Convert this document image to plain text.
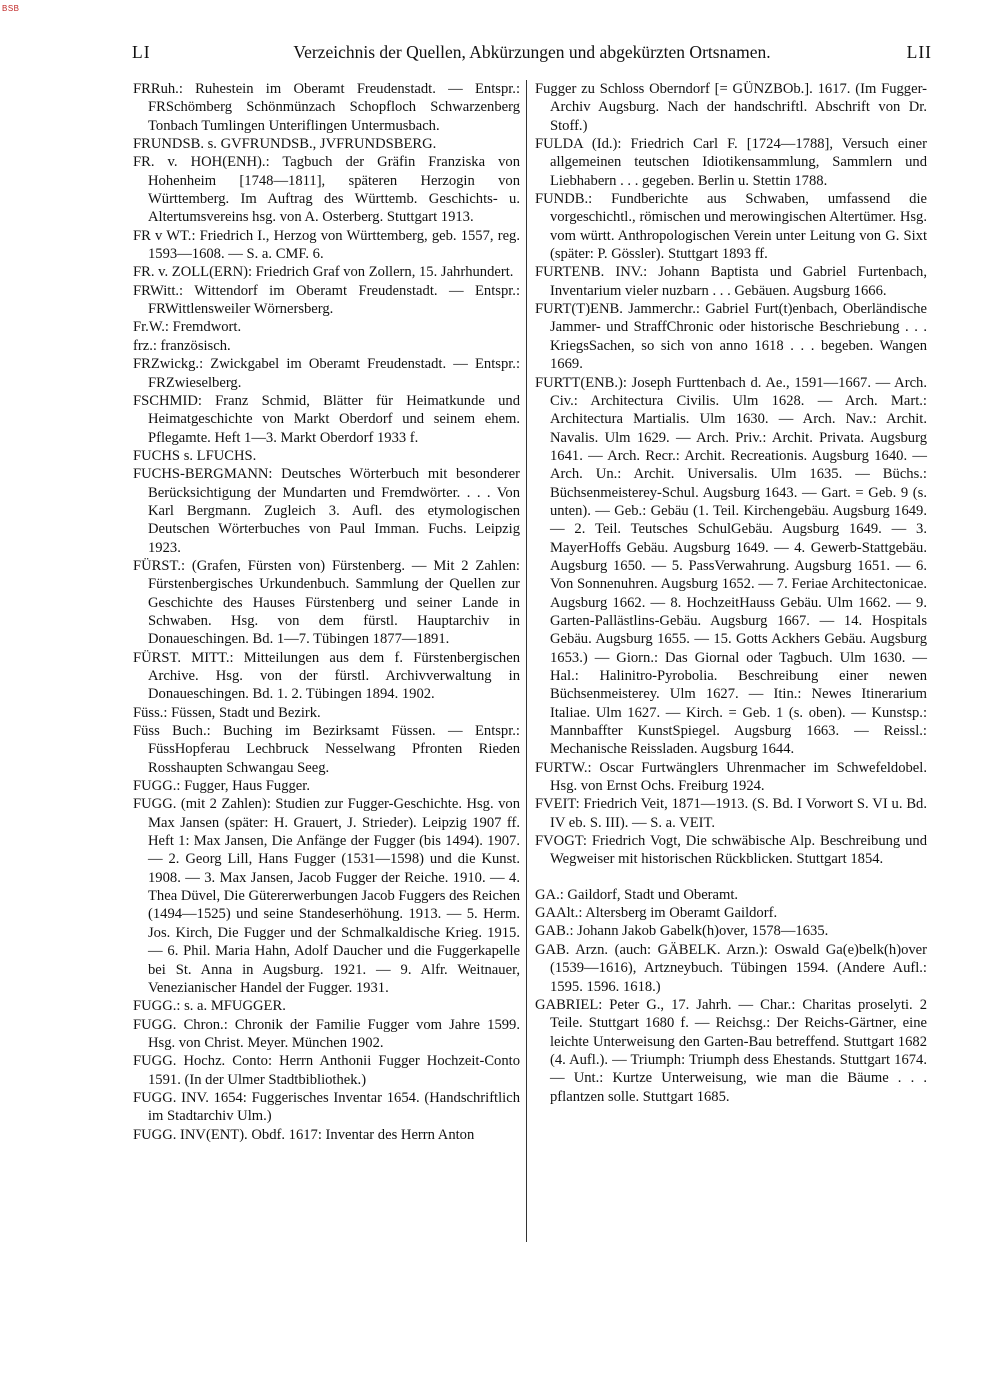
BSB
LI	Verzeichnis der Quellen, Abkürzungen und abgekürzten Ortsnamen.	LII

FRRuh.: Ruhestein im Oberamt Freudenstadt. — Entspr.: FRSchömberg Schönmünzach Schopfloch Schwarzenberg Tonbach Tumlingen Unteriflingen Untermusbach.

FRUNDSB. s. GVFRUNDSB., JVFRUNDSBERG.

FR. v. HOH(ENH).: Tagbuch der Gräfin Franziska von Hohenheim [1748—1811], späteren Herzogin von Württemberg. Im Auftrag des Württemb. Geschichts- u. Altertumsvereins hsg. von A. Osterberg. Stuttgart 1913.

FR v WT.: Friedrich I., Herzog von Württemberg, geb. 1557, reg. 1593—1608. — S. a. CMF. 6.

FR. v. ZOLL(ERN): Friedrich Graf von Zollern, 15. Jahrhundert.

FRWitt.: Wittendorf im Oberamt Freudenstadt. — Entspr.: FRWittlensweiler Wörnersberg.

Fr.W.: Fremdwort.

frz.: französisch.

FRZwickg.: Zwickgabel im Oberamt Freudenstadt. — Entspr.: FRZwieselberg.

FSCHMID: Franz Schmid, Blätter für Heimatkunde und Heimatgeschichte von Markt Oberdorf und seinem ehem. Pflegamte. Heft 1—3. Markt Oberdorf 1933 f.

FUCHS s. LFUCHS.

FUCHS-BERGMANN: Deutsches Wörterbuch mit besonderer Berücksichtigung der Mundarten und Fremdwörter. . . . Von Karl Bergmann. Zugleich 3. Aufl. des etymologischen Deutschen Wörterbuches von Paul Imman. Fuchs. Leipzig 1923.

FÜRST.: (Grafen, Fürsten von) Fürstenberg. — Mit 2 Zahlen: Fürstenbergisches Urkundenbuch. Sammlung der Quellen zur Geschichte des Hauses Fürstenberg und seiner Lande in Schwaben. Hsg. von dem fürstl. Hauptarchiv in Donaueschingen. Bd. 1—7. Tübingen 1877—1891.

FÜRST. MITT.: Mitteilungen aus dem f. Fürstenbergischen Archive. Hsg. von der fürstl. Archivverwaltung in Donaueschingen. Bd. 1. 2. Tübingen 1894. 1902.

Füss.: Füssen, Stadt und Bezirk.

Füss Buch.: Buching im Bezirksamt Füssen. — Entspr.: FüssHopferau Lechbruck Nesselwang Pfronten Rieden Rosshaupten Schwangau Seeg.

FUGG.: Fugger, Haus Fugger.

FUGG. (mit 2 Zahlen): Studien zur Fugger-Geschichte. Hsg. von Max Jansen (später: H. Grauert, J. Strieder). Leipzig 1907 ff. Heft 1: Max Jansen, Die Anfänge der Fugger (bis 1494). 1907. — 2. Georg Lill, Hans Fugger (1531—1598) und die Kunst. 1908. — 3. Max Jansen, Jacob Fugger der Reiche. 1910. — 4. Thea Düvel, Die Gütererwerbungen Jacob Fuggers des Reichen (1494—1525) und seine Standeserhöhung. 1913. — 5. Herm. Jos. Kirch, Die Fugger und der Schmalkaldische Krieg. 1915. — 6. Phil. Maria Hahn, Adolf Daucher und die Fuggerkapelle bei St. Anna in Augsburg. 1921. — 9. Alfr. Weitnauer, Venezianischer Handel der Fugger. 1931.

FUGG.: s. a. MFUGGER.

FUGG. Chron.: Chronik der Familie Fugger vom Jahre 1599. Hsg. von Christ. Meyer. München 1902.

FUGG. Hochz. Conto: Herrn Anthonii Fugger Hochzeit-Conto 1591. (In der Ulmer Stadtbibliothek.)

FUGG. INV. 1654: Fuggerisches Inventar 1654. (Handschriftlich im Stadtarchiv Ulm.)

FUGG. INV(ENT). Obdf. 1617: Inventar des Herrn Anton

Fugger zu Schloss Oberndorf [= GÜNZBOb.]. 1617. (Im Fugger-Archiv Augsburg. Nach der handschriftl. Abschrift von Dr. Stoff.)

FULDA (Id.): Friedrich Carl F. [1724—1788], Versuch einer allgemeinen teutschen Idiotikensammlung, Sammlern und Liebhabern . . . gegeben. Berlin u. Stettin 1788.

FUNDB.: Fundberichte aus Schwaben, umfassend die vorgeschichtl., römischen und merowingischen Altertümer. Hsg. vom württ. Anthropologischen Verein unter Leitung von G. Sixt (später: P. Gössler). Stuttgart 1893 ff.

FURTENB. INV.: Johann Baptista und Gabriel Furtenbach, Inventarium vieler nuzbarn . . . Gebäuen. Augsburg 1666.

FURT(T)ENB. Jammerchr.: Gabriel Furt(t)enbach, Oberländische Jammer- und StraffChronic oder historische Beschriebung . . . KriegsSachen, so sich von anno 1618 . . . begeben. Wangen 1669.

FURTT(ENB.): Joseph Furttenbach d. Ae., 1591—1667. — Arch. Civ.: Architectura Civilis. Ulm 1628. — Arch. Mart.: Architectura Martialis. Ulm 1630. — Arch. Nav.: Archit. Navalis. Ulm 1629. — Arch. Priv.: Archit. Privata. Augsburg 1641. — Arch. Recr.: Archit. Recreationis. Augsburg 1640. — Arch. Un.: Archit. Universalis. Ulm 1635. — Büchs.: Büchsenmeisterey-Schul. Augsburg 1643. — Gart. = Geb. 9 (s. unten). — Geb.: Gebäu (1. Teil. Kirchengebäu. Augsburg 1649. — 2. Teil. Teutsches SchulGebäu. Augsburg 1649. — 3. MayerHoffs Gebäu. Augsburg 1649. — 4. Gewerb-Stattgebäu. Augsburg 1650. — 5. PassVerwahrung. Augsburg 1651. — 6. Von Sonnenuhren. Augsburg 1652. — 7. Feriae Architectonicae. Augsburg 1662. — 8. HochzeitHauss Gebäu. Ulm 1662. — 9. Garten-Pallästlins-Gebäu. Augsburg 1667. — 14. Hospitals Gebäu. Augsburg 1655. — 15. Gotts Ackhers Gebäu. Augsburg 1653.) — Giorn.: Das Giornal oder Tagbuch. Ulm 1630. — Hal.: Halinitro-Pyrobolia. Beschreibung einer newen Büchsenmeisterey. Ulm 1627. — Itin.: Newes Itinerarium Italiae. Ulm 1627. — Kirch. = Geb. 1 (s. oben). — Kunstsp.: Mannbaffter KunstSpiegel. Augsburg 1663. — Reissl.: Mechanische Reissladen. Augsburg 1644.

FURTW.: Oscar Furtwänglers Uhrenmacher im Schwefeldobel. Hsg. von Ernst Ochs. Freiburg 1924.

FVEIT: Friedrich Veit, 1871—1913. (S. Bd. I Vorwort S. VI u. Bd. IV eb. S. III). — S. a. VEIT.

FVOGT: Friedrich Vogt, Die schwäbische Alp. Beschreibung und Wegweiser mit historischen Rückblicken. Stuttgart 1854.

GA.: Gaildorf, Stadt und Oberamt.

GAAlt.: Altersberg im Oberamt Gaildorf.

GAB.: Johann Jakob Gabelk(h)over, 1578—1635.

GAB. Arzn. (auch: GÄBELK. Arzn.): Oswald Ga(e)belk(h)over (1539—1616), Artzneybuch. Tübingen 1594. (Andere Aufl.: 1595. 1596. 1618.)

GABRIEL: Peter G., 17. Jahrh. — Char.: Charitas proselyti. 2 Teile. Stuttgart 1680 f. — Reichsg.: Der Reichs-Gärtner, eine leichte Unterweisung den Garten-Bau betreffend. Stuttgart 1682 (4. Aufl.). — Triumph: Triumph dess Ehestands. Stuttgart 1674. — Unt.: Kurtze Unterweisung, wie man die Bäume . . . pflantzen solle. Stuttgart 1685.
